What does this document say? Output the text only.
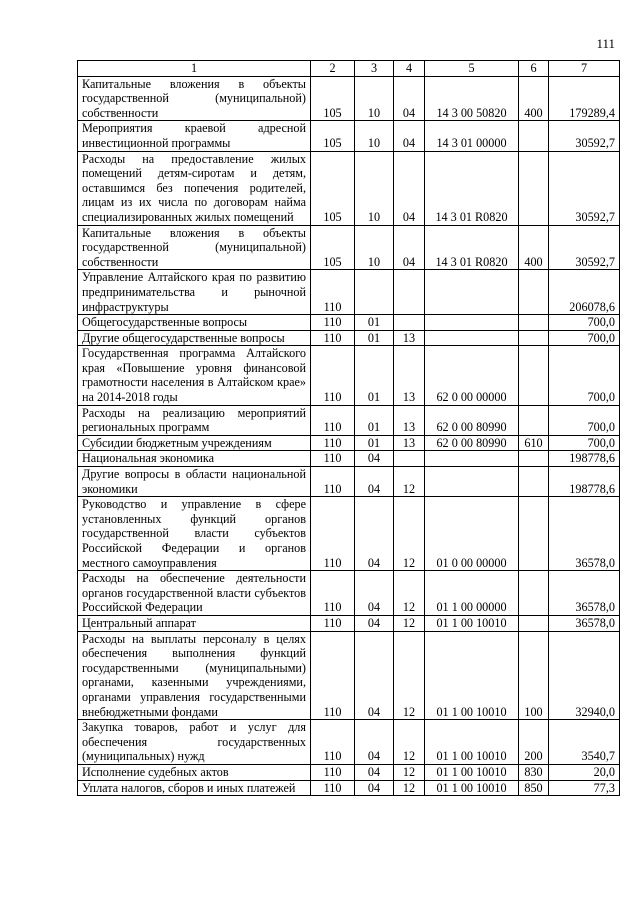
111
1	2	3	4	5	6	7
Капитальные вложения в объекты государственной (муниципальной) собственности	105	10	04	14 3 00 50820	400	179289,4
Мероприятия краевой адресной инвестиционной программы	105	10	04	14 3 01 00000		30592,7
Расходы на предоставление жилых помещений детям-сиротам и детям, оставшимся без попечения родителей, лицам из их числа по договорам найма специализированных жилых помещений	105	10	04	14 3 01 R0820		30592,7
Капитальные вложения в объекты государственной (муниципальной) собственности	105	10	04	14 3 01 R0820	400	30592,7
Управление Алтайского края по развитию предпринимательства и рыночной инфраструктуры	110					206078,6
Общегосударственные вопросы	110	01				700,0
Другие общегосударственные вопросы	110	01	13			700,0
Государственная программа Алтайского края «Повышение уровня финансовой грамотности населения в Алтайском крае» на 2014-2018 годы	110	01	13	62 0 00 00000		700,0
Расходы на реализацию мероприятий региональных программ	110	01	13	62 0 00 80990		700,0
Субсидии бюджетным учреждениям	110	01	13	62 0 00 80990	610	700,0
Национальная экономика	110	04				198778,6
Другие вопросы в области национальной экономики	110	04	12			198778,6
Руководство и управление в сфере установленных функций органов государственной власти субъектов Российской Федерации и органов местного самоуправления	110	04	12	01 0 00 00000		36578,0
Расходы на обеспечение деятельности органов государственной власти субъектов Российской Федерации	110	04	12	01 1 00 00000		36578,0
Центральный аппарат	110	04	12	01 1 00 10010		36578,0
Расходы на выплаты персоналу в целях обеспечения выполнения функций государственными (муниципальными) органами, казенными учреждениями, органами управления государственными внебюджетными фондами	110	04	12	01 1 00 10010	100	32940,0
Закупка товаров, работ и услуг для обеспечения государственных (муниципальных) нужд	110	04	12	01 1 00 10010	200	3540,7
Исполнение судебных актов	110	04	12	01 1 00 10010	830	20,0
Уплата налогов, сборов и иных платежей	110	04	12	01 1 00 10010	850	77,3
